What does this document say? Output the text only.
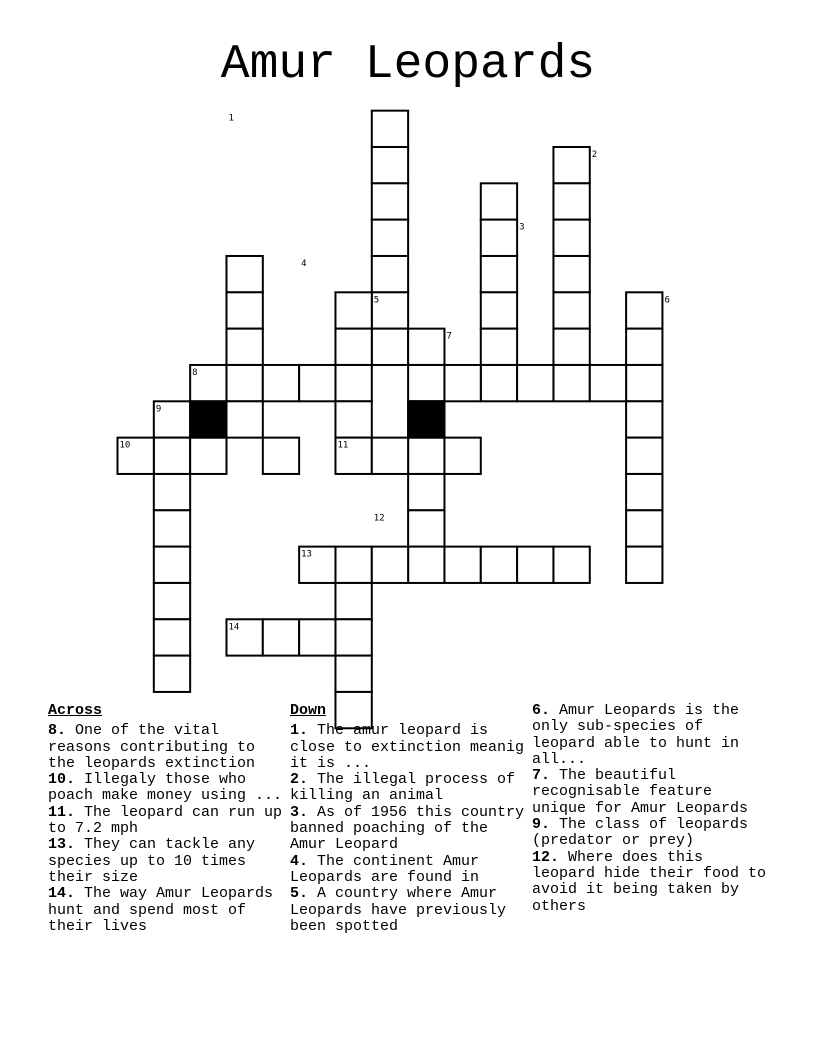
Amur Leopards
1
2
3
4
5	6
7
8
9
10	11
12
13
14
Across

8. One of the vital reasons contributing to the leopards extinction

10. Illegaly those who poach make money using ...

11. The leopard can run up to 7.2 mph

13. They can tackle any species up to 10 times their size

14. The way Amur Leopards hunt and spend most of their lives

Down

1. The amur leopard is close to extinction meanig it is ...

2. The illegal process of killing an animal

3. As of 1956 this country banned poaching of the Amur Leopard

4. The continent Amur Leopards are found in

5. A country where Amur Leopards have previously been spotted

6. Amur Leopards is the only sub-species of leopard able to hunt in all...

7. The beautiful recognisable feature unique for Amur Leopards

9. The class of leopards (predator or prey)

12. Where does this leopard hide their food to avoid it being taken by others
